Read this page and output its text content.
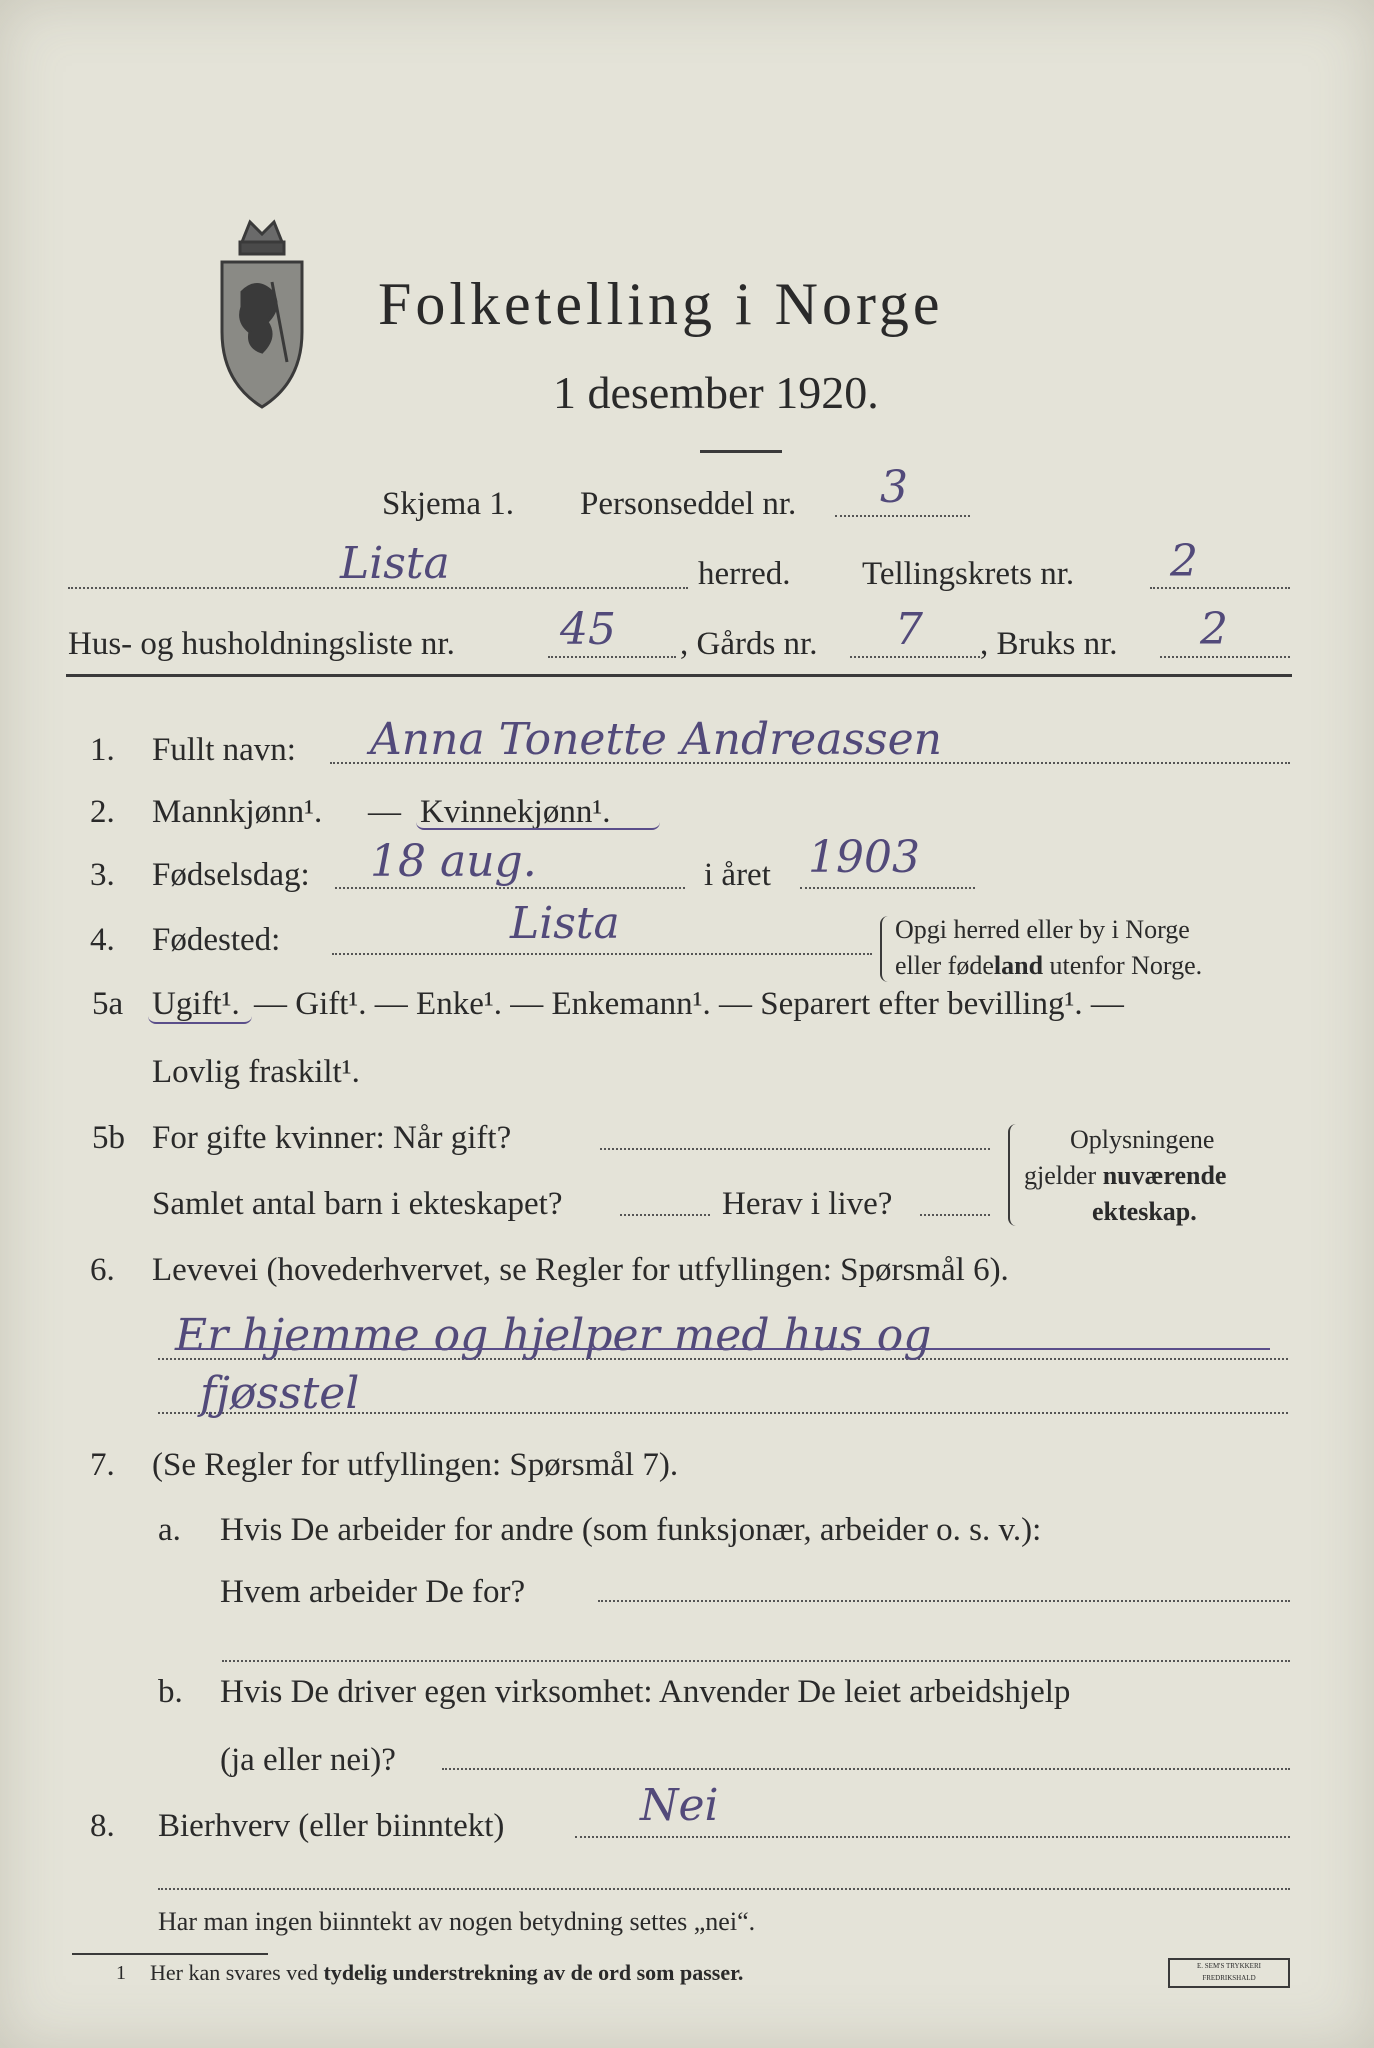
Folketelling i Norge
1 desember 1920.
Skjema 1. Personseddel nr. 3
Lista	herred. Tellingskrets nr. 2
Hus- og husholdningsliste nr. 45 , Gårds nr. 7 , Bruks nr. 2
1. Fullt navn: Anna Tonette Andreassen
2. Mannkjønn¹. — Kvinnekjønn¹.
3. Fødselsdag: 18 aug.	i året 1903
4. Fødested:	Lista	Opgi herred eller by i Norge
eller fødeland utenfor Norge.
5a Ugift¹. — Gift¹. — Enke¹. — Enkemann¹. — Separert efter bevilling¹. —
Lovlig fraskilt¹.
5b For gifte kvinner: Når gift?
Samlet antal barn i ekteskapet?	Herav i live?
Oplysningene
gjelder nuværende
ekteskap.
6. Levevei (hovederhvervet, se Regler for utfyllingen: Spørsmål 6).
Er hjemme og hjelper med hus og
fjøsstel
7. (Se Regler for utfyllingen: Spørsmål 7).
a. Hvis De arbeider for andre (som funksjonær, arbeider o. s. v.):
Hvem arbeider De for?
b. Hvis De driver egen virksomhet: Anvender De leiet arbeidshjelp
(ja eller nei)?
8. Bierhverv (eller biinntekt)	Nei
Har man ingen biinntekt av nogen betydning settes „nei“.
1 Her kan svares ved tydelig understrekning av de ord som passer.	E. SEM'S TRYKKERI FREDRIKSHALD
